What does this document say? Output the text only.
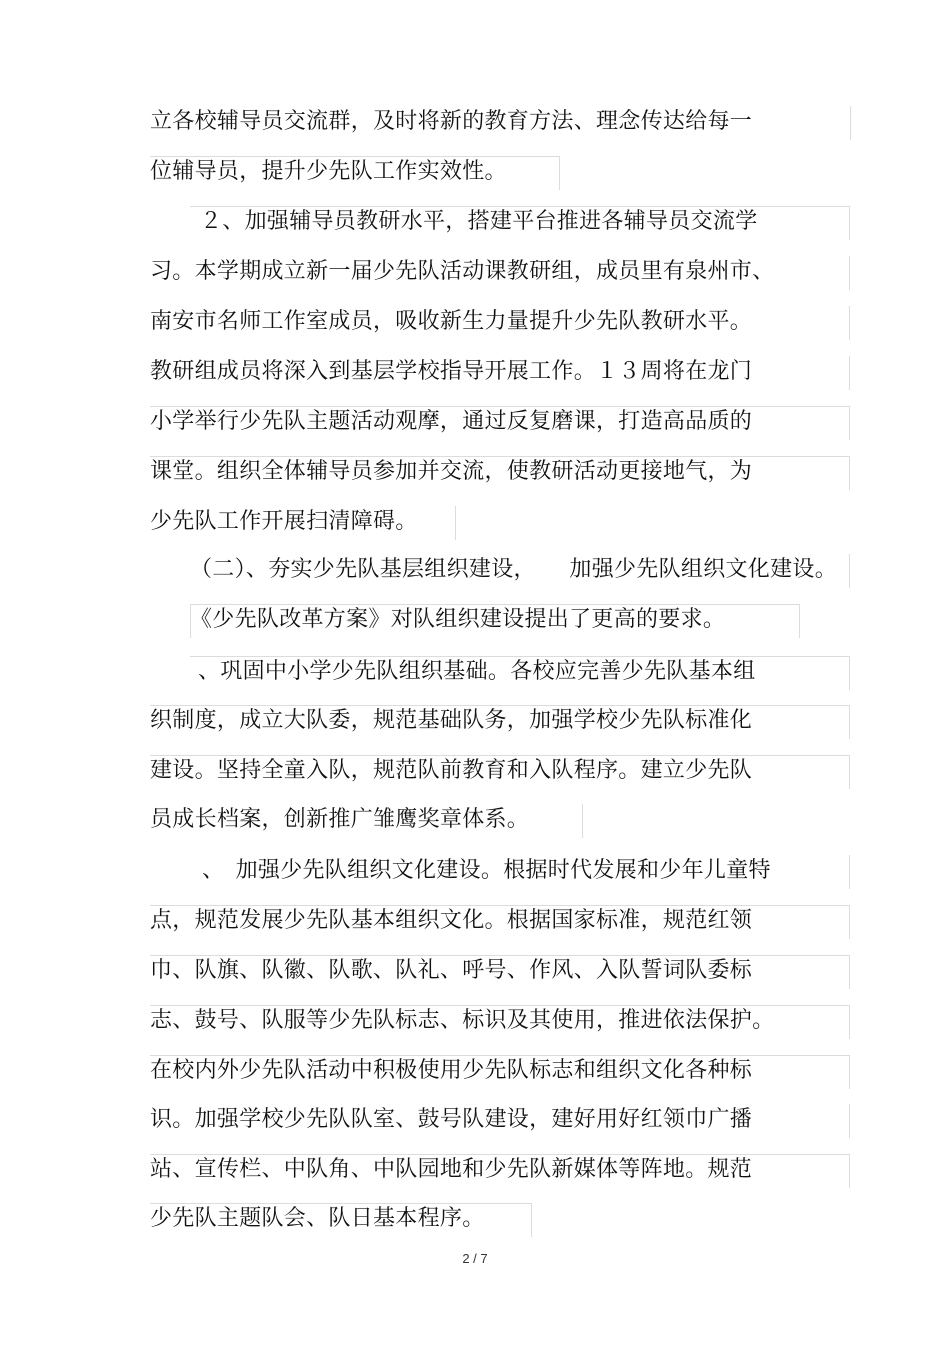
立各校辅导员交流群，及时将新的教育方法、理念传达给每一
位辅导员，提升少先队工作实效性。
２、加强辅导员教研水平，搭建平台推进各辅导员交流学
习。本学期成立新一届少先队活动课教研组，成员里有泉州市、
南安市名师工作室成员，吸收新生力量提升少先队教研水平。
教研组成员将深入到基层学校指导开展工作。１３周将在龙门
小学举行少先队主题活动观摩，通过反复磨课，打造高品质的
课堂。组织全体辅导员参加并交流，使教研活动更接地气，为
少先队工作开展扫清障碍。
（二）、夯实少先队基层组织建设，　　加强少先队组织文化建设。
《少先队改革方案》对队组织建设提出了更高的要求。
、巩固中小学少先队组织基础。各校应完善少先队基本组
织制度，成立大队委，规范基础队务，加强学校少先队标准化
建设。坚持全童入队，规范队前教育和入队程序。建立少先队
员成长档案，创新推广雏鹰奖章体系。
、　加强少先队组织文化建设。根据时代发展和少年儿童特
点，规范发展少先队基本组织文化。根据国家标准，规范红领
巾、队旗、队徽、队歌、队礼、呼号、作风、入队誓词队委标
志、鼓号、队服等少先队标志、标识及其使用，推进依法保护。
在校内外少先队活动中积极使用少先队标志和组织文化各种标
识。加强学校少先队队室、鼓号队建设，建好用好红领巾广播
站、宣传栏、中队角、中队园地和少先队新媒体等阵地。规范
少先队主题队会、队日基本程序。
2 / 7
